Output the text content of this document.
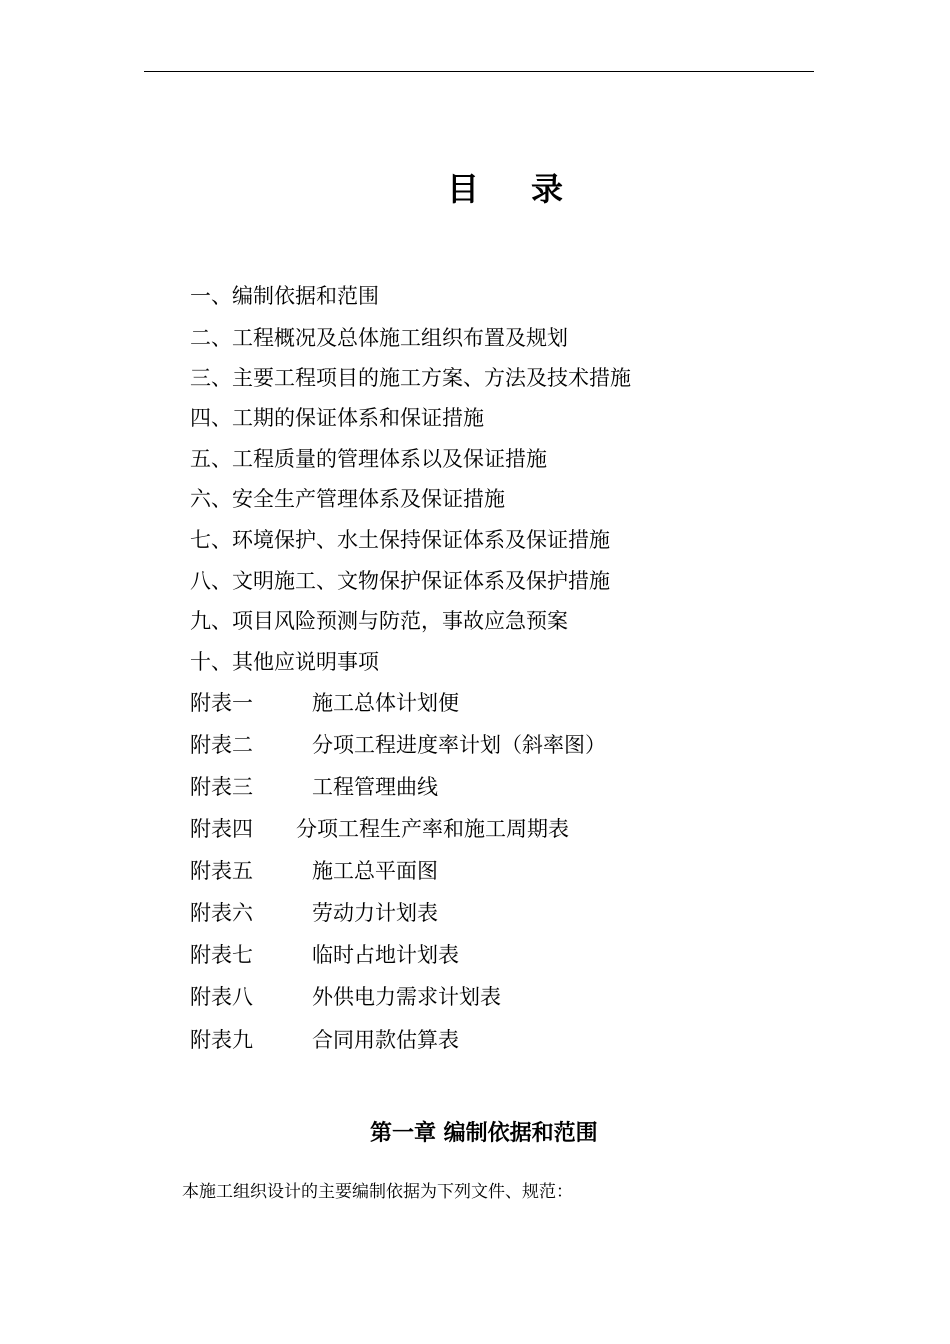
目 录
一、编制依据和范围
二、工程概况及总体施工组织布置及规划
三、主要工程项目的施工方案、方法及技术措施
四、工期的保证体系和保证措施
五、工程质量的管理体系以及保证措施
六、安全生产管理体系及保证措施
七、环境保护、水土保持保证体系及保证措施
八、文明施工、文物保护保证体系及保护措施
九、项目风险预测与防范，事故应急预案
十、其他应说明事项
附表一	施工总体计划便
附表二	分项工程进度率计划（斜率图）
附表三	工程管理曲线
附表四 分项工程生产率和施工周期表
附表五	施工总平面图
附表六	劳动力计划表
附表七	临时占地计划表
附表八	外供电力需求计划表
附表九	合同用款估算表
第一章 编制依据和范围
本施工组织设计的主要编制依据为下列文件、规范：
